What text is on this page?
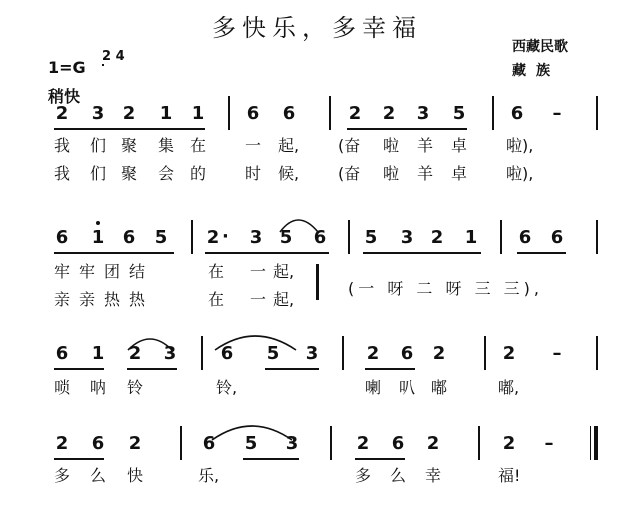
多快乐，多幸福
西藏民歌
藏族
1=G
2 4
稍快
2 3 2 1 1 6 6	2 2 3 5	6 –
我 们 聚 集 在 一 起,	(奋	啦 羊 卓 啦),
我 们 聚 会 的 时 候,	(奋	啦 羊 卓 啦),
6 1 6 5 2 · 3 5 6 5 3 2 1 6 6
牢 牢 团 结	在 一 起,
亲 亲 热 热	在 一 起,
(一 呀 二 呀 三 三),
6 1 2 3 6 5 3	2 6 2	2 –
唢 呐 铃	铃,	喇 叭 嘟	嘟,
2 6 2	6 5 3	2 6 2	2 –
多 么 快	乐,	多 么 幸	福!
